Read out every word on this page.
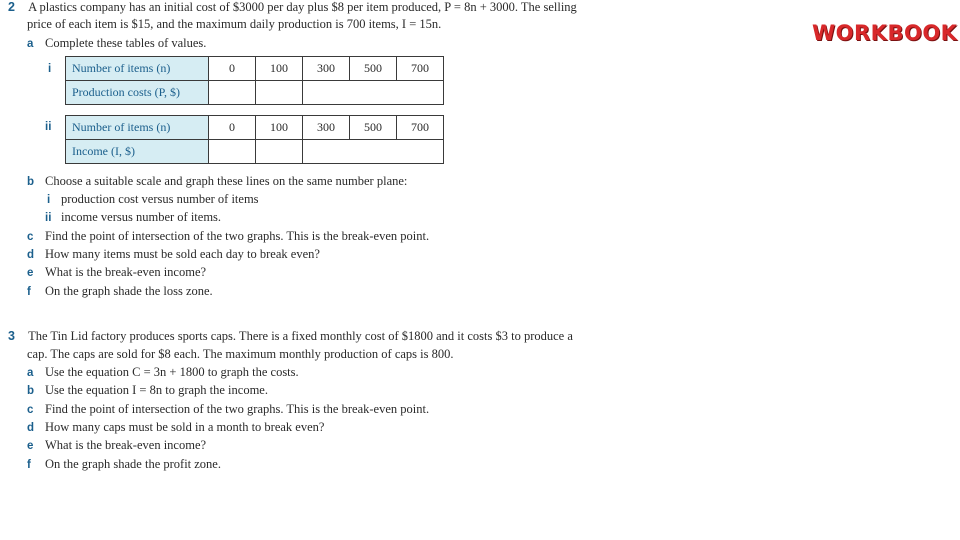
WORKBOOK
2 A plastics company has an initial cost of $3000 per day plus $8 per item produced, P = 8n + 3000. The selling
price of each item is $15, and the maximum daily production is 700 items, I = 15n.
a Complete these tables of values.
i Number of items (n)	0	100	300	500	700
Production costs (P, $)					
ii Number of items (n)	0	100	300	500	700
Income (I, $)					
b Choose a suitable scale and graph these lines on the same number plane:
i production cost versus number of items
ii income versus number of items.
c Find the point of intersection of the two graphs. This is the break-even point.
d How many items must be sold each day to break even?
e What is the break-even income?
f On the graph shade the loss zone.
3 The Tin Lid factory produces sports caps. There is a fixed monthly cost of $1800 and it costs $3 to produce a
cap. The caps are sold for $8 each. The maximum monthly production of caps is 800.
a Use the equation C = 3n + 1800 to graph the costs.
b Use the equation I = 8n to graph the income.
c Find the point of intersection of the two graphs. This is the break-even point.
d How many caps must be sold in a month to break even?
e What is the break-even income?
f On the graph shade the profit zone.
